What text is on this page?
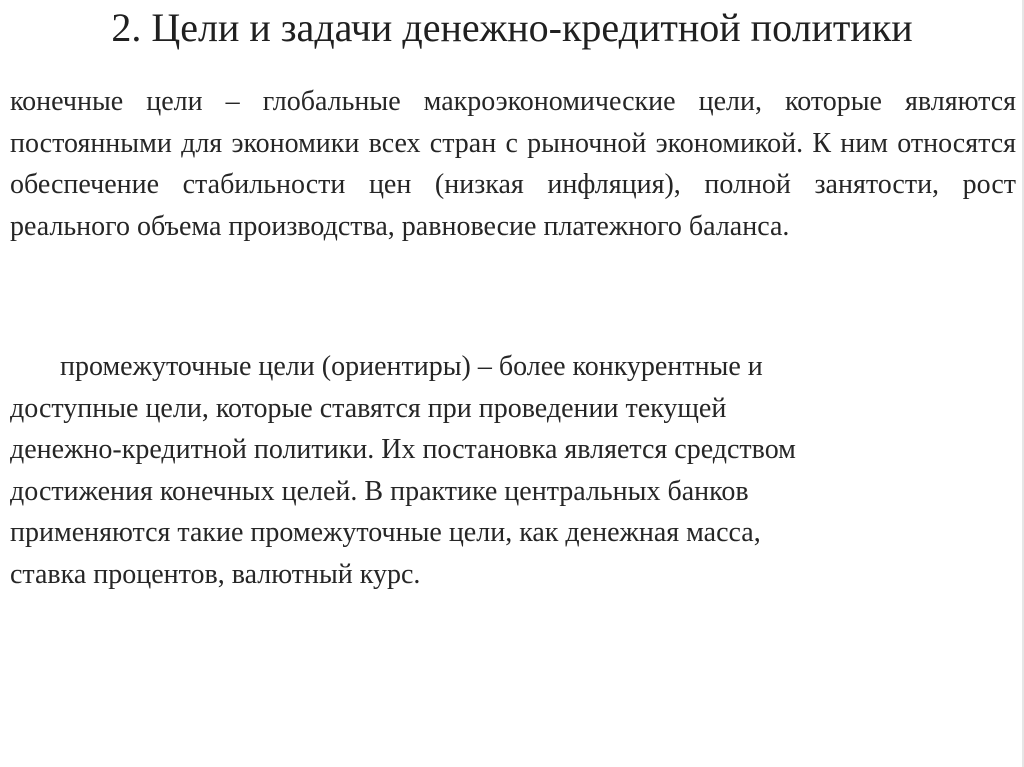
2. Цели и задачи денежно-кредитной политики

конечные цели – глобальные макроэкономические цели, которые являются постоянными для экономики всех стран с рыночной экономикой. К ним относятся обеспечение стабильности цен (низкая инфляция), полной занятости, рост реального объема производства, равновесие платежного баланса.

промежуточные цели (ориентиры) – более конкурентные и
доступные цели, которые ставятся при проведении текущей
денежно-кредитной политики. Их постановка является средством
достижения конечных целей. В практике центральных банков
применяются такие промежуточные цели, как денежная масса,
ставка процентов, валютный курс.
